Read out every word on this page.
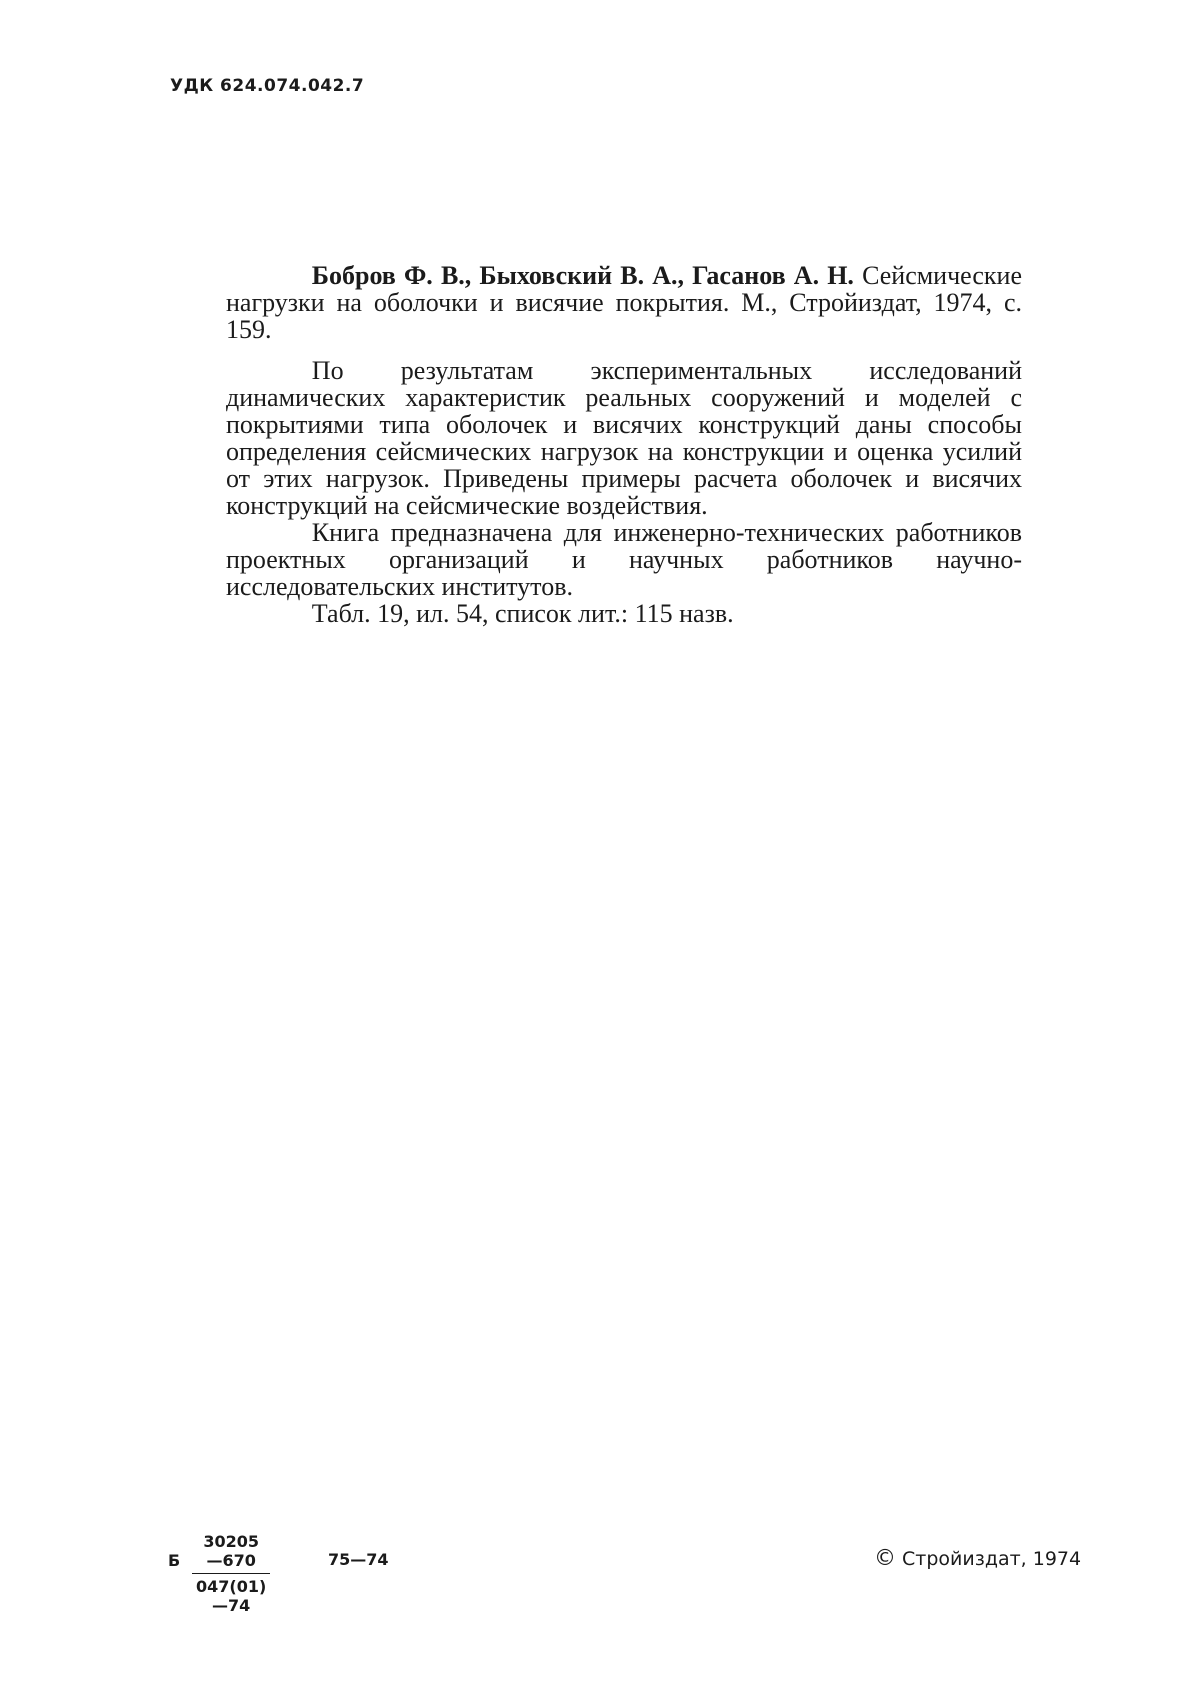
УДК 624.074.042.7

Бобров Ф. В., Быховский В. А., Гасанов А. Н. Сейсмические нагрузки на оболочки и висячие покрытия. М., Стройиздат, 1974, с. 159.

По результатам экспериментальных исследований динамических характеристик реальных сооружений и моделей с покрытиями типа оболочек и висячих конструкций даны способы определения сейсмических нагрузок на конструкции и оценка усилий от этих нагрузок. Приведены примеры расчета оболочек и висячих конструкций на сейсмические воздействия.

Книга предназначена для инженерно-технических работников проектных организаций и научных работников научно-исследовательских институтов.

Табл. 19, ил. 54, список лит.: 115 назв.

Б $\frac{30205—670}{047(01)—74}$	75—74	© Стройиздат, 1974
